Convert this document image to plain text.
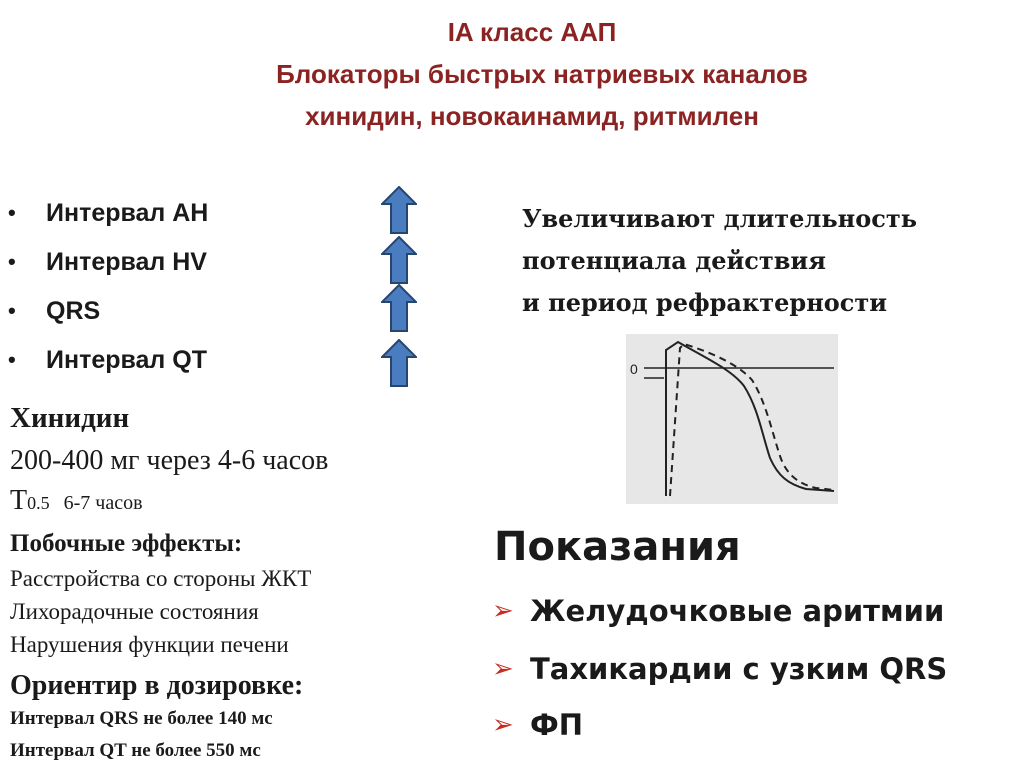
IA класс ААП
Блокаторы быстрых натриевых каналов
хинидин, новокаинамид, ритмилен
•	Интервал АН
•	Интервал HV
•	QRS
•	Интервал QT
Увеличивают длительность
потенциала действия
и период рефрактерности
0
Хинидин
200-400 мг через 4-6 часов
T0.5 6-7 часов
Побочные эффекты:
Расстройства со стороны ЖКТ
Лихорадочные состояния
Нарушения функции печени
Ориентир в дозировке:
Интервал QRS не более 140 мс
Интервал QT не более 550 мс
Показания
➢ Желудочковые аритмии
➢ Тахикардии с узким QRS
➢ ФП
